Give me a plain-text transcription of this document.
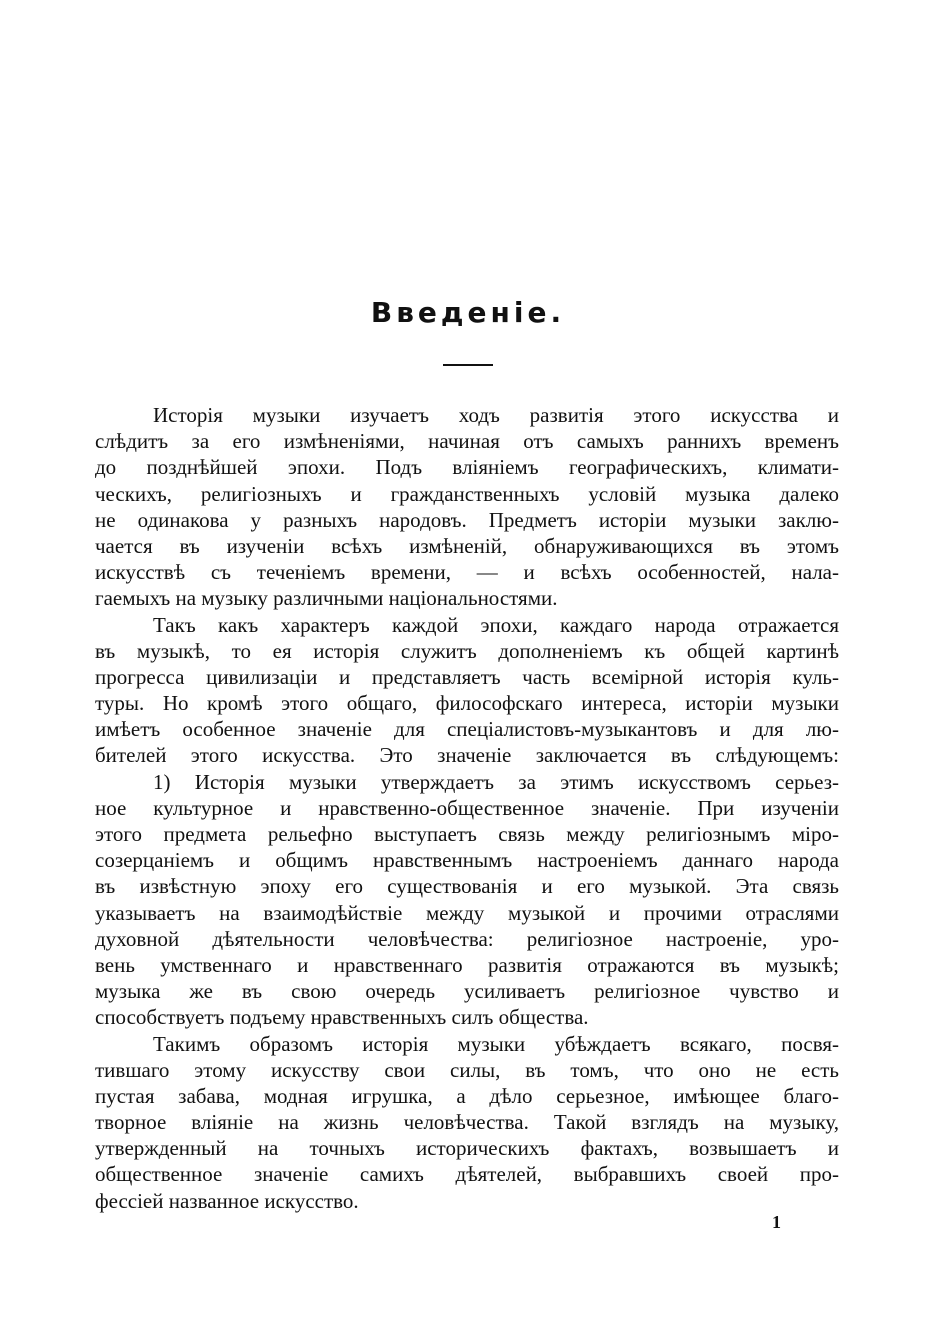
Введеніе.
Исторія музыки изучаетъ ходъ развитія этого искусства и
слѣдитъ за его измѣненіями, начиная отъ самыхъ раннихъ временъ
до позднѣйшей эпохи. Подъ вліяніемъ географическихъ, климати-
ческихъ, религіозныхъ и гражданственныхъ условій музыка далеко
не одинакова у разныхъ народовъ. Предметъ исторіи музыки заклю-
чается въ изученіи всѣхъ измѣненій, обнаруживающихся въ этомъ
искусствѣ съ теченіемъ времени, — и всѣхъ особенностей, нала-
гаемыхъ на музыку различными національностями.
Такъ какъ характеръ каждой эпохи, каждаго народа отражается
въ музыкѣ, то ея исторія служитъ дополненіемъ къ общей картинѣ
прогресса цивилизаціи и представляетъ часть всемірной исторія куль-
туры. Но кромѣ этого общаго, философскаго интереса, исторіи музыки
имѣетъ особенное значеніе для спеціалистовъ-музыкантовъ и для лю-
бителей этого искусства. Это значеніе заключается въ слѣдующемъ:
1) Исторія музыки утверждаетъ за этимъ искусствомъ серьез-
ное культурное и нравственно-общественное значеніе. При изученіи
этого предмета рельефно выступаетъ связь между религіознымъ міро-
созерцаніемъ и общимъ нравственнымъ настроеніемъ даннаго народа
въ извѣстную эпоху его существованія и его музыкой. Эта связь
указываетъ на взаимодѣйствіе между музыкой и прочими отраслями
духовной дѣятельности человѣчества: религіозное настроеніе, уро-
вень умственнаго и нравственнаго развитія отражаются въ музыкѣ;
музыка же въ свою очередь усиливаетъ религіозное чувство и
способствуетъ подъему нравственныхъ силъ общества.
Такимъ образомъ исторія музыки убѣждаетъ всякаго, посвя-
тившаго этому искусству свои силы, въ томъ, что оно не есть
пустая забава, модная игрушка, а дѣло серьезное, имѣющее благо-
творное вліяніе на жизнь человѣчества. Такой взглядъ на музыку,
утвержденный на точныхъ историческихъ фактахъ, возвышаетъ и
общественное значеніе самихъ дѣятелей, выбравшихъ своей про-
фессіей названное искусство.
1
